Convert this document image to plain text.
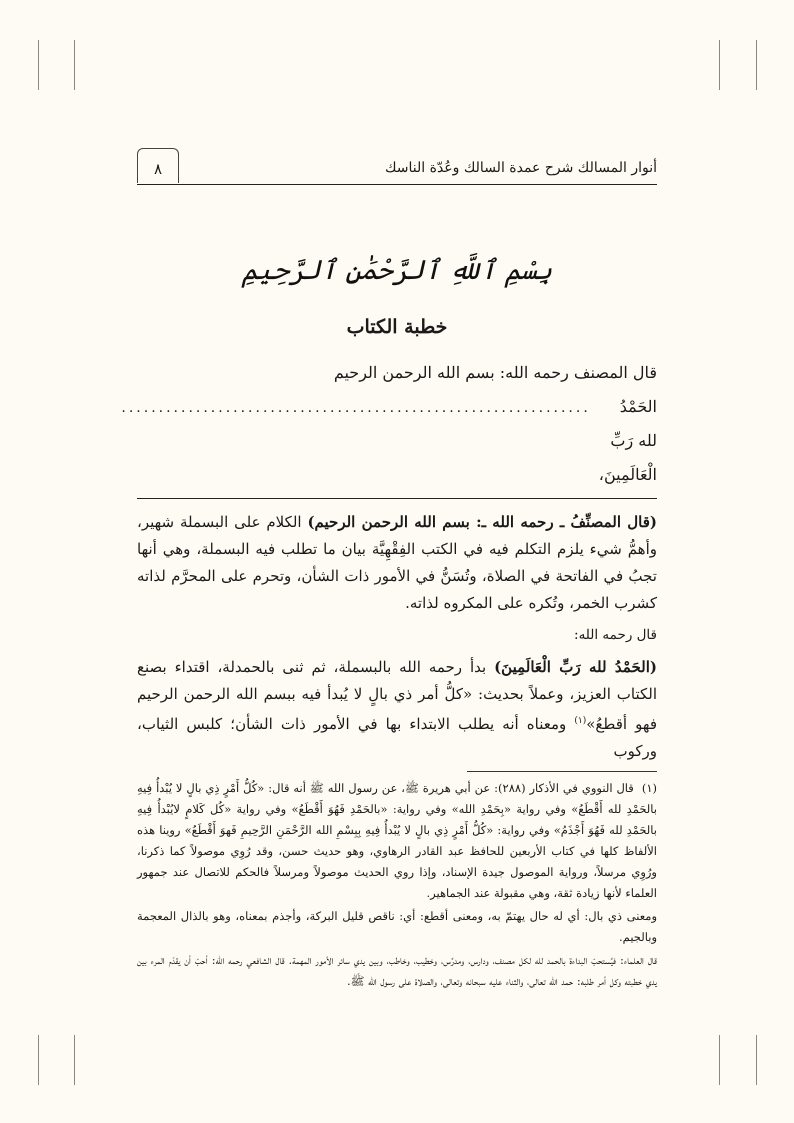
أنوار المسالك شرح عمدة السالك وعُدّة الناسك
٨
بِسْمِ ٱللَّهِ ٱلرَّحْمَٰنِ ٱلرَّحِيمِ
خطبة الكتاب
قال المصنف رحمه الله: بسم الله الرحمن الرحيم
الحَمْدُ لله رَبِّ الْعَالَمِينَ،
...............................................................

(قال المصنِّفُ ـ رحمه الله ـ: بسم الله الرحمن الرحيم) الكلام على البسملة شهير، وأهمُّ شيء يلزم التكلم فيه في الكتب الفِقْهِيَّة بيان ما تطلب فيه البسملة، وهي أنها تجبُ في الفاتحة في الصلاة، وتُسَنُّ في الأمور ذات الشأن، وتحرم على المحرَّم لذاته كشرب الخمر، وتُكره على المكروه لذاته.

قال رحمه الله:

(الحَمْدُ لله رَبِّ الْعَالَمِينَ) بدأ رحمه الله بالبسملة، ثم ثنى بالحمدلة، اقتداء بصنع الكتاب العزيز، وعملاً بحديث: «كلُّ أمر ذي بالٍ لا يُبدأ فيه ببسم الله الرحمن الرحيم فهو أقطعُ»$^{(١)}$ ومعناه أنه يطلب الابتداء بها في الأمور ذات الشأن؛ كلبس الثياب، وركوب

(١)قال النووي في الأذكار (٢٨٨): عن أبي هريرة ﷺ، عن رسول الله ﷺ أنه قال: «كُلُّ أَمْرٍ ذِي بالٍ لا يُبْدأُ فِيهِ بالحَمْدِ لله أَقْطَعُ» وفي رواية «بِحَمْدِ الله» وفي رواية: «بالحَمْدِ فَهُوَ أَقْطَعُ» وفي رواية «كُل كَلامٍ لايُبْدأُ فِيهِ بالحَمْدِ لله فَهُوَ أَجْذَمُ» وفي رواية: «كُلُّ أَمْرٍ ذِي بالٍ لا يُبْدأُ فِيهِ بِبِسْمِ الله الرَّحْمَنِ الرَّحِيمِ فَهوَ أَقْطَعُ» روينا هذه الألفاظ كلها في كتاب الأربعين للحافظ عبد القادر الرهاوي، وهو حديث حسن، وقد رُوِي موصولاً كما ذكرنا، ورُوِي مرسلاً، ورواية الموصول جيدة الإسناد، وإذا روي الحديث موصولاً ومرسلاً فالحكم للاتصال عند جمهور العلماء لأنها زيادة ثقة، وهي مقبولة عند الجماهير.

ومعنى ذي بال: أي له حال يهتمّ به، ومعنى أقطع: أي: ناقص قليل البركة، وأجذم بمعناه، وهو بالذال المعجمة وبالجيم.

قال العلماء: فيُستحبّ البداءة بالحمد لله لكل مصنف، ودارس، ومدرِّس، وخطيب، وخاطب، وبين يدي سائر الأمور المهمة. قال الشافعي رحمه الله: أحبّ أن يقدّم المرء بين يدي خطبته وكل أمر طلبه: حمد الله تعالى، والثناء عليه سبحانه وتعالى، والصلاة على رسول الله ﷺ.
